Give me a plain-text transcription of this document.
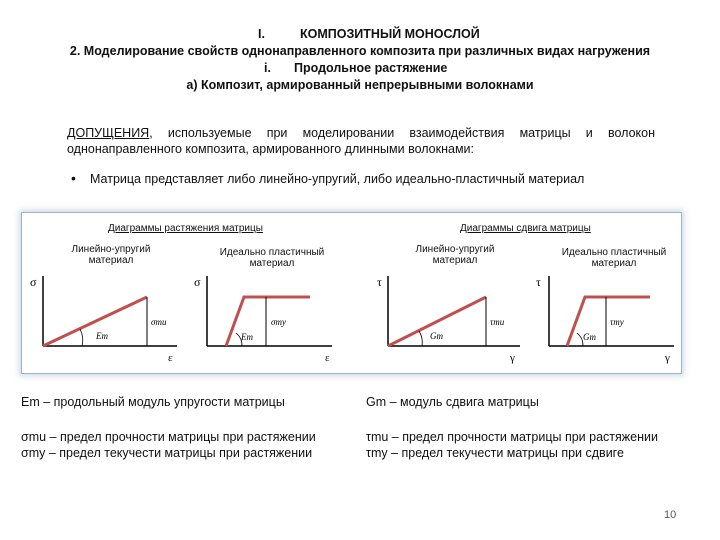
I.	КОМПОЗИТНЫЙ МОНОСЛОЙ
2. Моделирование свойств однонаправленного композита при различных видах нагружения
i. Продольное растяжение
а) Композит, армированный непрерывными волокнами
ДОПУЩЕНИЯ , используемые при моделировании взаимодействия матрицы и волокон
однонаправленного композита, армированного длинными волокнами:
• Матрица представляет либо линейно-упругий, либо идеально-пластичный материал
Диаграммы растяжения матрицы	Диаграммы сдвига матрицы
Линейно-упругий
материал
Идеально пластичный
материал
Линейно-упругий
материал
Идеально пластичный
материал
σ
ε
Em
σmu
σ
ε
Em
σmy
τ
γ
Gm
τmu
τ
γ
Gm
τmy
Em – продольный модуль упругости матрицы	Gm – модуль сдвига матрицы
σmu – предел прочности матрицы при растяжении
σmy – предел текучести матрицы при растяжении
τmu – предел прочности матрицы при растяжении
τmy – предел текучести матрицы при сдвиге
10
